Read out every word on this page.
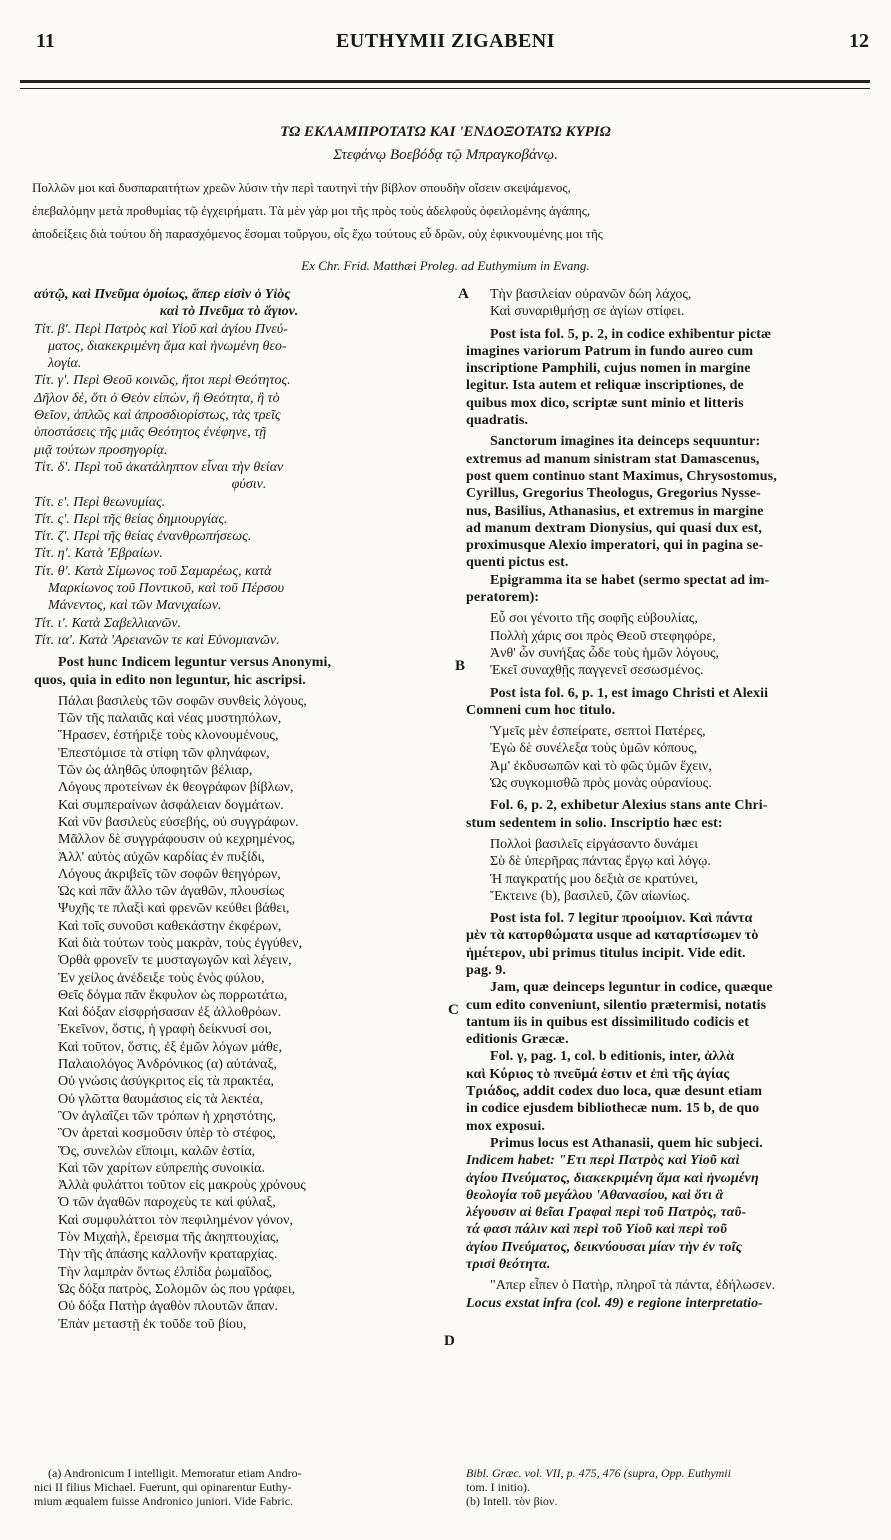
11	EUTHYMII ZIGABENI	12
ΤΩ ΕΚΛΑΜΠΡΟΤΑΤΩ ΚΑΙ 'ΕΝΔΟΞΟΤΑΤΩ ΚΥΡΙΩ
Στεφάνῳ Βοεβόδᾳ τῷ Μπραγκοβάνῳ.
Πολλῶν μοι καὶ δυσπαραιτήτων χρεῶν λύσιν τὴν περὶ ταυτηνὶ τὴν βίβλον σπουδὴν οἴσειν σκεψάμενος,
ἐπεβαλόμην μετὰ προθυμίας τῷ ἐγχειρήματι. Τὰ μὲν γὰρ μοι τῆς πρὸς τοὺς ἀδελφοὺς ὀφειλομένης ἀγάπης,
ἀποδείξεις διὰ τούτου δὴ παρασχόμενος ἔσομαι τοὔργου, οἷς ἔχω τούτους εὖ δρῶν, οὐχ ἐφικνουμένης μοι τῆς
Ex Chr. Frid. Matthæi Proleg. ad Euthymium in Evang.
A
B
C
D

αὐτῷ, καὶ Πνεῦμα ὁμοίως, ἅπερ εἰσὶν ὁ Υἱὸς

καὶ τὸ Πνεῦμα τὸ ἅγιον.

Τίτ. β'. Περὶ Πατρὸς καὶ Υἱοῦ καὶ ἁγίου Πνεύ-

ματος, διακεκριμένη ἅμα καὶ ἡνωμένη θεο-

λογία.

Τίτ. γ'. Περὶ Θεοῦ κοινῶς, ἤτοι περὶ Θεότητος.

Δῆλον δὲ, ὅτι ὁ Θεὸν εἰπὼν, ἢ Θεότητα, ἢ τὸ

Θεῖον, ἁπλῶς καὶ ἀπροσδιορίστως, τὰς τρεῖς

ὑποστάσεις τῆς μιᾶς Θεότητος ἐνέφηνε, τῇ

μιᾷ τούτων προσηγορίᾳ.

Τίτ. δ'. Περὶ τοῦ ἀκατάληπτον εἶναι τὴν θείαν

φύσιν.

Τίτ. ε'. Περὶ θεωνυμίας.

Τίτ. ς'. Περὶ τῆς θείας δημιουργίας.

Τίτ. ζ'. Περὶ τῆς θείας ἐνανθρωπήσεως.

Τίτ. η'. Κατὰ 'Εβραίων.

Τίτ. θ'. Κατὰ Σίμωνος τοῦ Σαμαρέως, κατὰ

Μαρκίωνος τοῦ Ποντικοῦ, καὶ τοῦ Πέρσου

Μάνεντος, καὶ τῶν Μανιχαίων.

Τίτ. ι'. Κατὰ Σαβελλιανῶν.

Τίτ. ια'. Κατὰ 'Αρειανῶν τε καὶ Εὐνομιανῶν.

Post hunc Indicem leguntur versus Anonymi,

quos, quia in edito non leguntur, hic ascripsi.

Πάλαι βασιλεὺς τῶν σοφῶν συνθεὶς λόγους,

Τῶν τῆς παλαιᾶς καὶ νέας μυστηπόλων,

Ἥρασεν, ἐστήριξε τοὺς κλονουμένους,

Ἐπεστόμισε τὰ στίφη τῶν φληνάφων,

Τῶν ὡς ἀληθῶς ὑποφητῶν βέλιαρ,

Λόγους προτείνων ἐκ θεογράφων βίβλων,

Καὶ συμπεραίνων ἀσφάλειαν δογμάτων.

Καὶ νῦν βασιλεὺς εὐσεβής, οὐ συγγράφων.

Μᾶλλον δὲ συγγράφουσιν οὐ κεχρημένος,

Ἀλλ' αὐτὸς αὐχῶν καρδίας ἐν πυξίδι,

Λόγους ἀκριβεῖς τῶν σοφῶν θεηγόρων,

Ὡς καὶ πᾶν ἄλλο τῶν ἀγαθῶν, πλουσίως

Ψυχῆς τε πλαξὶ καὶ φρενῶν κεύθει βάθει,

Καὶ τοῖς συνοῦσι καθεκάστην ἐκφέρων,

Καὶ διὰ τούτων τοὺς μακρὰν, τοὺς ἐγγύθεν,

Ὀρθὰ φρονεῖν τε μυσταγωγῶν καὶ λέγειν,

Ἐν χείλος ἀνέδειξε τοὺς ἑνὸς φύλου,

Θεῖς δόγμα πᾶν ἔκφυλον ὡς πορρωτάτω,

Καὶ δόξαν εἰσφρήσασαν ἐξ ἀλλοθρόων.

Ἐκεῖνον, ὅστις, ἡ γραφὴ δείκνυσί σοι,

Καὶ τοῦτον, ὅστις, ἐξ ἐμῶν λόγων μάθε,

Παλαιολόγος Ἀνδρόνικος (α) αὐτάναξ,

Οὐ γνώσις ἀσύγκριτος εἰς τὰ πρακτέα,

Οὐ γλῶττα θαυμάσιος εἰς τὰ λεκτέα,

Ὃν ἀγλαΐζει τῶν τρόπων ἡ χρηστότης,

Ὃν ἀρεταὶ κοσμοῦσιν ὑπὲρ τὸ στέφος,

Ὅς, συνελὼν εἴποιμι, καλῶν ἑστία,

Καὶ τῶν χαρίτων εὐπρεπὴς συνοικία.

Ἀλλὰ φυλάττοι τοῦτον εἰς μακροὺς χρόνους

Ὁ τῶν ἀγαθῶν παροχεὺς τε καὶ φύλαξ,

Καὶ συμφυλάττοι τὸν πεφιλημένον γόνον,

Τὸν Μιχαὴλ, ἔρεισμα τῆς ἀκηπτουχίας,

Τὴν τῆς ἁπάσης καλλονῆν κραταρχίας.

Τὴν λαμπρὰν ὄντως ἐλπίδα ῥωμαΐδος,

Ὡς δόξα πατρὸς, Σολομῶν ὡς που γράφει,

Οὐ δόξα Πατὴρ ἀγαθὸν πλουτῶν ἅπαν.

Ἐπὰν μεταστῇ ἐκ τοῦδε τοῦ βίου,

Τὴν βασιλείαν οὐρανῶν δώη λάχος,

Καὶ συναριθμήσῃ σε ἁγίων στίφει.

Post ista fol. 5, p. 2, in codice exhibentur pictæ

imagines variorum Patrum in fundo aureo cum

inscriptione Pamphili, cujus nomen in margine

legitur. Ista autem et reliquæ inscriptiones, de

quibus mox dico, scriptæ sunt minio et litteris

quadratis.

Sanctorum imagines ita deinceps sequuntur:

extremus ad manum sinistram stat Damascenus,

post quem continuo stant Maximus, Chrysostomus,

Cyrillus, Gregorius Theologus, Gregorius Nysse-

nus, Basilius, Athanasius, et extremus in margine

ad manum dextram Dionysius, qui quasi dux est,

proximusque Alexio imperatori, qui in pagina se-

quenti pictus est.

Epigramma ita se habet (sermo spectat ad im-

peratorem):

Εὖ σοι γένοιτο τῆς σοφῆς εὐβουλίας,

Πολλὴ χάρις σοι πρὸς Θεοῦ στεφηφόρε,

Ἀνθ' ὧν συνήξας ὧδε τοὺς ἡμῶν λόγους,

Ἐκεῖ συναχθῇς παγγενεῖ σεσωσμένος.

Post ista fol. 6, p. 1, est imago Christi et Alexii

Comneni cum hoc titulo.

Ὑμεῖς μὲν ἐσπείρατε, σεπτοὶ Πατέρες,

Ἐγὼ δὲ συνέλεξα τοὺς ὑμῶν κόπους,

Ἀμ' ἐκδυσωπῶν καὶ τὸ φῶς ὑμῶν ἔχειν,

Ὡς συγκομισθῶ πρὸς μονὰς οὐρανίους.

Fol. 6, p. 2, exhibetur Alexius stans ante Chri-

stum sedentem in solio. Inscriptio hæc est:

Πολλοὶ βασιλεῖς εἰργάσαντο δυνάμει

Σὺ δὲ ὑπερῆρας πάντας ἔργῳ καὶ λόγῳ.

Ἡ παγκρατής μου δεξιὰ σε κρατύνει,

Ἔκτεινε (b), βασιλεῦ, ζῶν αἰωνίως.

Post ista fol. 7 legitur προοίμιον. Καὶ πάντα

μὲν τὰ κατορθώματα usque ad καταρτίσωμεν τὸ

ἡμέτερον, ubi primus titulus incipit. Vide edit.

pag. 9.

Jam, quæ deinceps leguntur in codice, quæque

cum edito conveniunt, silentio prætermisi, notatis

tantum iis in quibus est dissimilitudo codicis et

editionis Græcæ.

Fol. γ, pag. 1, col. b editionis, inter, ἀλλὰ

καὶ Κύριος τὸ πνεῦμά ἐστιν et ἐπὶ τῆς ἁγίας

Τριάδος, addit codex duo loca, quæ desunt etiam

in codice ejusdem bibliothecæ num. 15 b, de quo

mox exposui.

Primus locus est Athanasii, quem hic subjeci.

Indicem habet: "Ετι περὶ Πατρὸς καὶ Υἱοῦ καὶ

ἁγίου Πνεύματος, διακεκριμένη ἅμα καὶ ἡνωμένη

θεολογία τοῦ μεγάλου 'Αθανασίου, καὶ ὅτι ἃ

λέγουσιν αἱ θεῖαι Γραφαὶ περὶ τοῦ Πατρὸς, ταῦ-

τά φασι πάλιν καὶ περὶ τοῦ Υἱοῦ καὶ περὶ τοῦ

ἁγίου Πνεύματος, δεικνύουσαι μίαν τὴν ἐν τοῖς

τρισὶ θεότητα.

"Απερ εἶπεν ὁ Πατὴρ, πληροῖ τὰ πάντα, ἐδήλωσεν.

Locus exstat infra (col. 49) e regione interpretatio-

(a) Andronicum I intelligit. Memoratur etiam Andro-

nici II filius Michael. Fuerunt, qui opinarentur Euthy-

mium æqualem fuisse Andronico juniori. Vide Fabric.

Bibl. Græc. vol. VII, p. 475, 476 (supra, Opp. Euthymii

tom. I initio).

(b) Intell. τὸν βίον.
